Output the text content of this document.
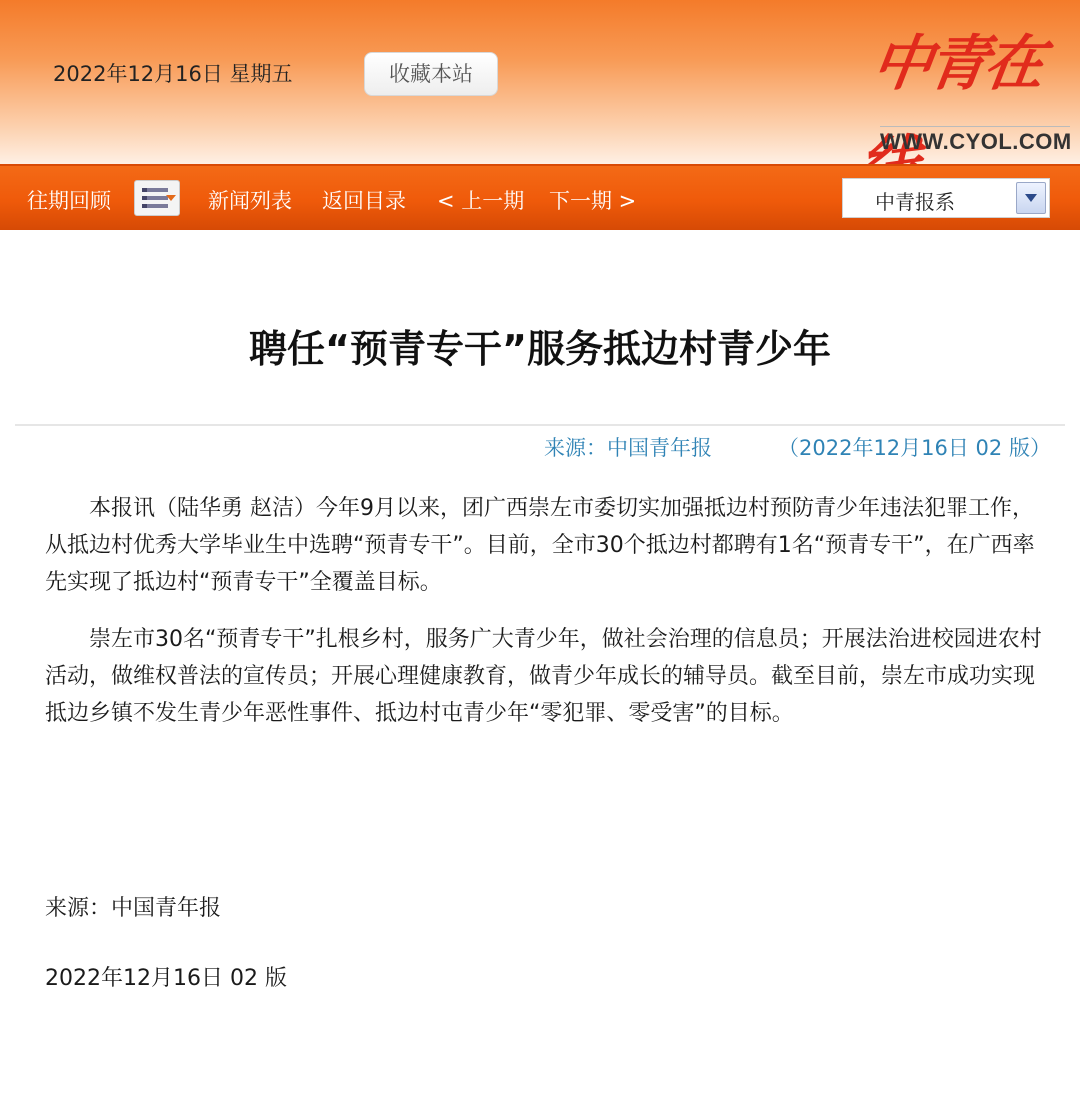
2022年12月16日 星期五	收藏本站	中青在线
WWW.CYOL.COM
往期回顾	新闻列表 返回目录 < 上一期 下一期 >	中青报系
聘任“预青专干”服务抵边村青少年
来源：中国青年报	（2022年12月16日 02 版）

本报讯（陆华勇 赵洁）今年9月以来，团广西崇左市委切实加强抵边村预防青少年违法犯罪工作，从抵边村优秀大学毕业生中选聘“预青专干”。目前，全市30个抵边村都聘有1名“预青专干”，在广西率先实现了抵边村“预青专干”全覆盖目标。

崇左市30名“预青专干”扎根乡村，服务广大青少年，做社会治理的信息员；开展法治进校园进农村活动，做维权普法的宣传员；开展心理健康教育，做青少年成长的辅导员。截至目前，崇左市成功实现抵边乡镇不发生青少年恶性事件、抵边村屯青少年“零犯罪、零受害”的目标。

来源：中国青年报
2022年12月16日 02 版
